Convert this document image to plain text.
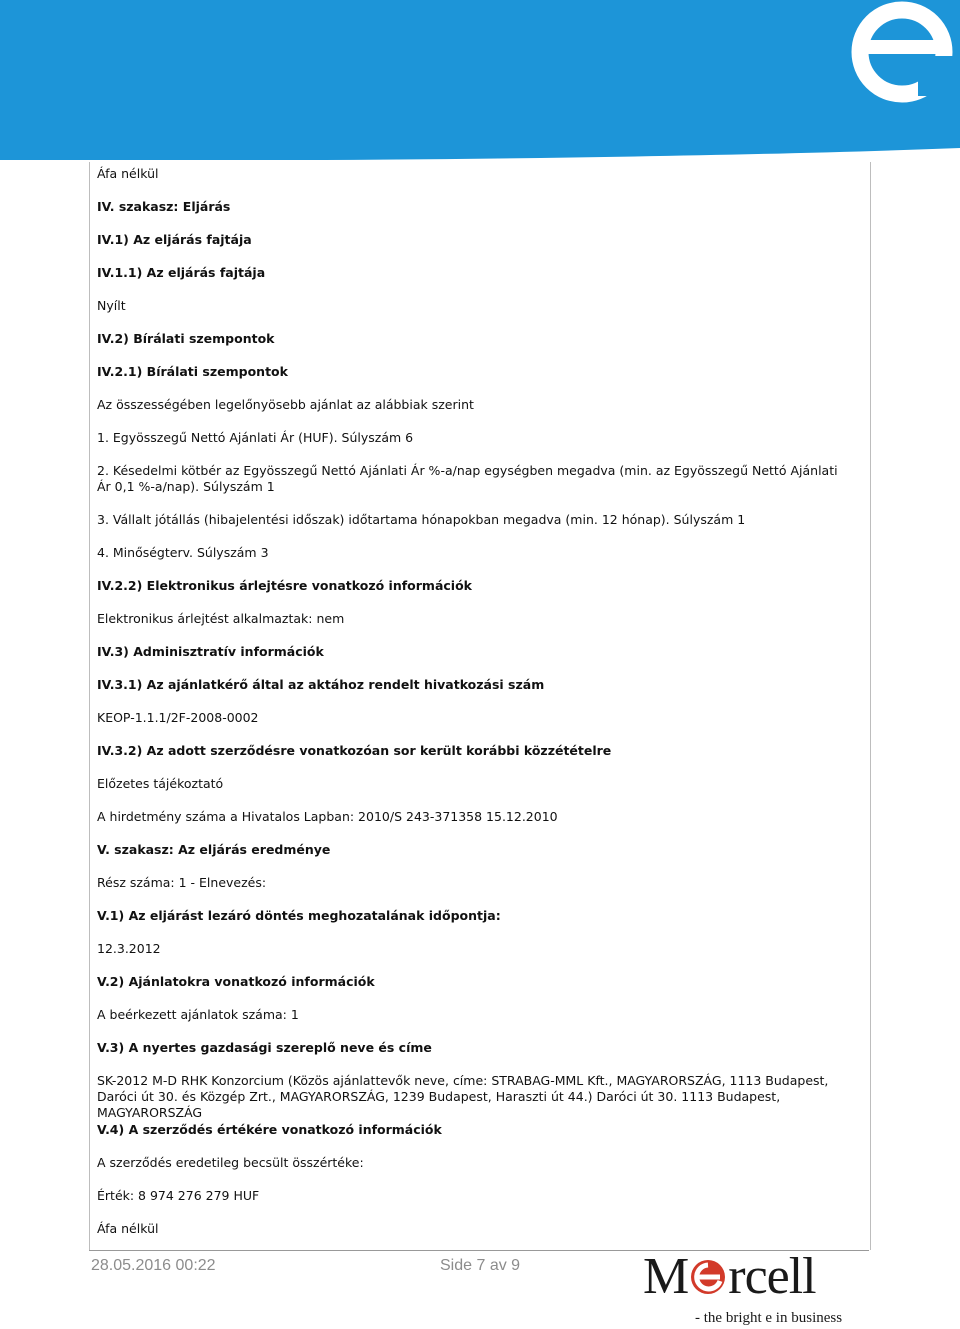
Áfa nélkül

IV. szakasz: Eljárás

IV.1) Az eljárás fajtája

IV.1.1) Az eljárás fajtája

Nyílt

IV.2) Bírálati szempontok

IV.2.1) Bírálati szempontok

Az összességében legelőnyösebb ajánlat az alábbiak szerint

1. Egyösszegű Nettó Ajánlati Ár (HUF). Súlyszám 6

2. Késedelmi kötbér az Egyösszegű Nettó Ajánlati Ár %-a/nap egységben megadva (min. az Egyösszegű Nettó Ajánlati Ár 0,1 %-a/nap). Súlyszám 1

3. Vállalt jótállás (hibajelentési időszak) időtartama hónapokban megadva (min. 12 hónap). Súlyszám 1

4. Minőségterv. Súlyszám 3

IV.2.2) Elektronikus árlejtésre vonatkozó információk

Elektronikus árlejtést alkalmaztak: nem

IV.3) Adminisztratív információk

IV.3.1) Az ajánlatkérő által az aktához rendelt hivatkozási szám

KEOP-1.1.1/2F-2008-0002

IV.3.2) Az adott szerződésre vonatkozóan sor került korábbi közzétételre

Előzetes tájékoztató

A hirdetmény száma a Hivatalos Lapban: 2010/S 243-371358 15.12.2010

V. szakasz: Az eljárás eredménye

Rész száma: 1 - Elnevezés:

V.1) Az eljárást lezáró döntés meghozatalának időpontja:

12.3.2012

V.2) Ajánlatokra vonatkozó információk

A beérkezett ajánlatok száma: 1

V.3) A nyertes gazdasági szereplő neve és címe

SK-2012 M-D RHK Konzorcium (Közös ajánlattevők neve, címe: STRABAG-MML Kft., MAGYARORSZÁG, 1113 Budapest, Daróci út 30. és Közgép Zrt., MAGYARORSZÁG, 1239 Budapest, Haraszti út 44.) Daróci út 30. 1113 Budapest, MAGYARORSZÁG

V.4) A szerződés értékére vonatkozó információk

A szerződés eredetileg becsült összértéke:

Érték: 8 974 276 279 HUF

Áfa nélkül

28.05.2016 00:22	Side 7 av 9 M rcell
- the bright e in business
